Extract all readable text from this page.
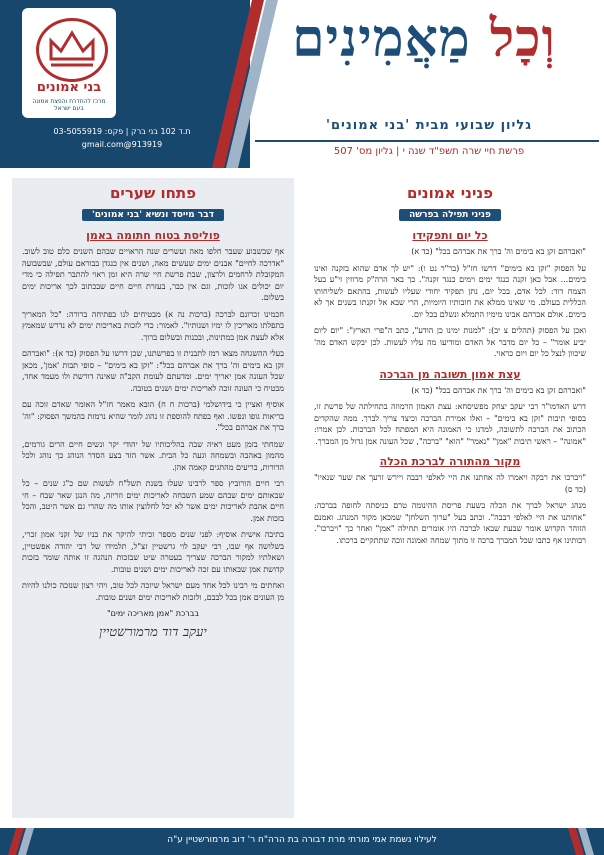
בני אמונים
מרכז להחדרת והפצת אמונה בעם ישראל
ת.ד 102 בני ברק | פקס: 03-5055919
913919@gmail.com
וְכָל מַאֲמִינִים
גליון שבועי מבית 'בני אמונים'
פרשת חיי שרה תשפ"ד שנה י | גליון מס' 507
פניני אמונים
פניני תפילה בפרשה
כל יום ותפקידו

"ואברהם זקן בא בימים וה' ברך את אברהם בכל" (כד א)

על הפסוק "זקן בא בימים" דרשו חז"ל (בר"ר נט ו): "יש לך אדם שהוא בזקנה ואינו בימים... אבל כאן זקנה כנגד ימים וימים כנגד זקנה". כך באר הרה"ק מרוזין זי"ע בעל הצמח דוד: לכל אדם, בכל יום, נתן תפקיד יחודי שעליו לעשות, בהתאם לשליחותו הכללית בעולם. מי שאינו ממלא את חובותיו היומיות, הרי שבא אל זקנתו בשנים אך לא בימים. אולם אברהם אבינו מימיו התמלא ונשלם בכל יום.

ואכן על הפסוק (תהלים צ יב): "למנות ימינו כן הודע", כתב ה"פרי הארץ": "יום ליום יביע אומר" – כל יום מדבר אל האדם ומודיעו מה עליו לעשות. לכן יבקש האדם מה' שיכוון לנצל כל יום ויום כראוי.

עצת אמון תשובה מן הברכה

"ואברהם זקן בא בימים וה' ברך את אברהם בכל" (כד א)

דרש האדמו"ר רבי יעקב יצחק מפשיסחא: עצת האמון הרמוזה בתחילתה של פרשת זו, בסופי תיבות "זקן בא בימים" – ואלו אמירת הברכה וכיצד צריך לברך. ממה שהקדים הכתוב את הברכה לתשובה, למדנו כי האמונה היא המפתח לכל הברכות. לכן אמרו: "אמונה" – ראשי תיבות "אמן" "נאמר" "הוא" "ברכה", שכל העונה אמן גדול מן המברך.

מקור מהתורה לברכת הכלה

"ויברכו את רבקה ויאמרו לה אחתנו את היי לאלפי רבבה ויירש זרעך את שער שנאיו" (כד ס)

מנהג ישראל לברך את הכלה בשעת פריסת ההינומה טרם כניסתה לחופה בברכה: "אחותנו את היי לאלפי רבבה". וכתב בעל "ערוך השלחן" שמכאן מקור המנהג. ואמנם הזוהר הקדוש אומר שבעת שבאו לברכה היו אומרים תחילה "אמן" ואחר כך "ויברכו". רבותינו אף כתבו שכל המברך ברכה זו מתוך שמחה ואמונה זוכה שתתקיים ברכתו.

פתחו שערים
דבר מייסד ונשיא 'בני אמונים'
פוליסת בטוח חתומה באמן

אף שבשבוע שעבר חלפו מאה ועשרים שנה הראויים שבהם השנים כלם טוב לשוב. "אדרכה לחיים" אבנים ימים שעשים מאה, ושנים אין כנגדן בבוראם עולם, שבשבועה המקובלת לרחמים ולרצון, שבת פרשת חיי שרה היא זמן ראוי להתבר תפילה כי מדי יום יכולים אנו לזכות, וגם אין כבר, בעזרת חיים חיים שבכתוב לכך אריכות ימים בשלום.

חכמינו זכרונם לברכה (ברכות נה א) מבטיחים לנו בפתיחה ברורה: "כל המאריך בתפלתו מאריכין לו ימיו ושנותיו". לאמור: כדי לזכות באריכות ימים לא נדרש שמאמץ אלא לעצת אמן במתינות, ובכנות ובשלום ברוך.

בעלי ההשגחה מצאו רמז לתבנית זו בפרשתנו, שכן דרשו על הפסוק (כד א): "ואברהם זקן בא בימים וה' ברך את אברהם בכל": "זקן בא בימים" – סופי תבות 'אמן', מכאן שכל העונה אמן יאריך ימים. ומדעתם לעומת הקב"ה שאינה דורשת ולו מעמד אחד, מבטיח כי העונה זוכה לאריכות ימים ושנים בטובה.

אוסיף ואציין כי בידושלמי (ברכות ח ח) הובא מאמר חז"ל האומר שאדם זוכה עם בריאות גופו ונפשו. ואף בפתח להוספת זו נהוג לומר שהיא נרמזת בהמשך הפסוק: "וה' ברך את אברהם בכל".

שמחתי בזמן מעט ראיה שבה בהליכותיו של יהודי יקר ונשים חיים הרים גורמים, מהמון באהבה ובשמחה וגעה כל הבית. אשר הזד בצע הסדר הנוהג כך נוהג ולכל הדורות, בריעים מהתגים קאמה אהן.

רבי חיים הורוביץ ספר לרבינו שעלו בשנת תשל"ח לעשות שם כ"ג שנים – כל שבאותם ימים שבהם שמע השבחה לאריכות ימים וזריזה, מה הנגן שאר שבח – חי חיים אהבת לאריכות ימים אשר לא יכל לחלוצין אותו מה שהרי גם אשר היטב, והכל בזכות אמן.

בתיבה אישית אוסיף: לפני שנים מספר זכיתי להיקר את בניו של זקני אמון זכרי, בשלושה אף שבו, רבי יעקב לוי גרשטיין זצ"ל, תלמידו של רבי יהודה אפשטיין, ושאלתיו למקור הברכה שצריך בעטרה שיט שבזכות הנהגה זו אותה שומר בזכות קדושת אמן שבאותו עם זכה לאריכות ימים ושנים טובות.

ואחתים מי רבינו לכל אחד מעם ישראל שיזכה לכל טוב, ויהי רצון שנזכה כולנו להיות מן העונים אמן בכל לבבם, ולזכות לאריכות ימים ושנים טובות.

בברכת "אמן מאריכה ימים"
יעקב דוד מרמורשטיין
לעילוי נשמת אמי מורתי מרת דבורה בת הרה"ח ר' דוב מרמורשטיין ע"ה
